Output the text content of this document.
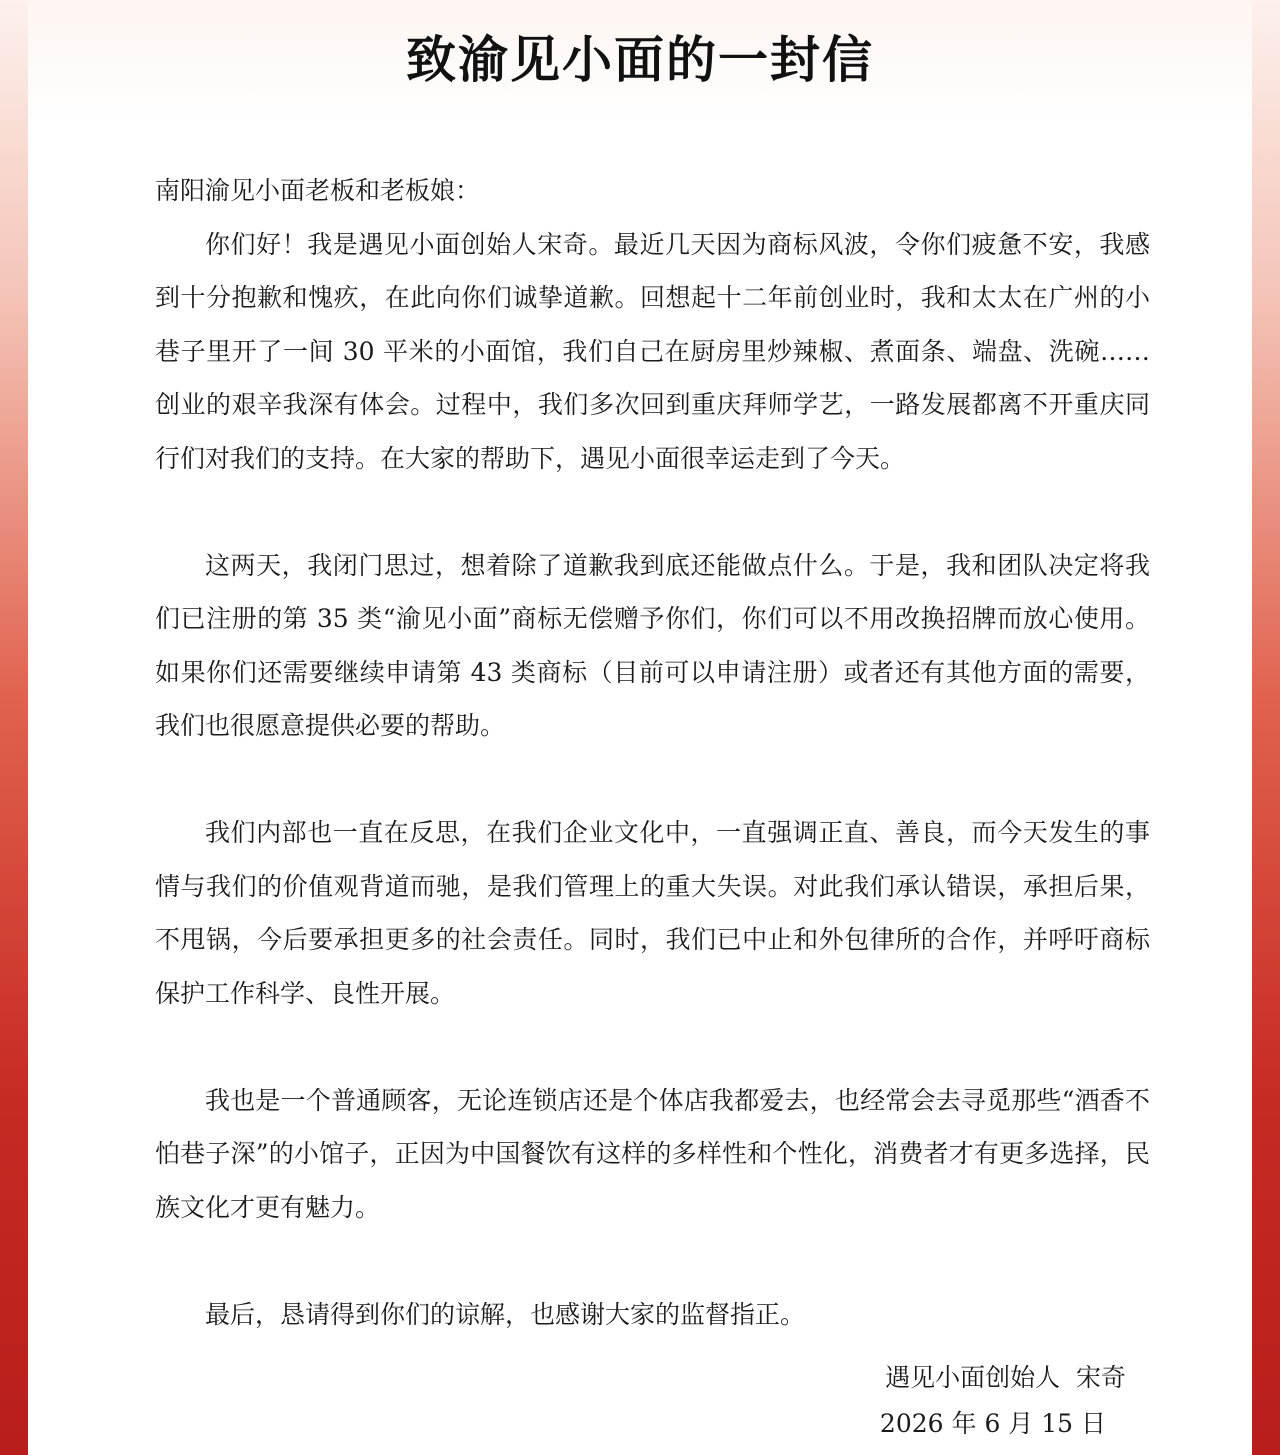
致渝见小面的一封信

南阳渝见小面老板和老板娘：

你们好！我是遇见小面创始人宋奇。最近几天因为商标风波，令你们疲惫不安，我感到十分抱歉和愧疚，在此向你们诚挚道歉。回想起十二年前创业时，我和太太在广州的小巷子里开了一间 30 平米的小面馆，我们自己在厨房里炒辣椒、煮面条、端盘、洗碗……创业的艰辛我深有体会。过程中，我们多次回到重庆拜师学艺，一路发展都离不开重庆同行们对我们的支持。在大家的帮助下，遇见小面很幸运走到了今天。

这两天，我闭门思过，想着除了道歉我到底还能做点什么。于是，我和团队决定将我们已注册的第 35 类“渝见小面”商标无偿赠予你们，你们可以不用改换招牌而放心使用。如果你们还需要继续申请第 43 类商标（目前可以申请注册）或者还有其他方面的需要，我们也很愿意提供必要的帮助。

我们内部也一直在反思，在我们企业文化中，一直强调正直、善良，而今天发生的事情与我们的价值观背道而驰，是我们管理上的重大失误。对此我们承认错误，承担后果，不甩锅，今后要承担更多的社会责任。同时，我们已中止和外包律所的合作，并呼吁商标保护工作科学、良性开展。

我也是一个普通顾客，无论连锁店还是个体店我都爱去，也经常会去寻觅那些“酒香不怕巷子深”的小馆子，正因为中国餐饮有这样的多样性和个性化，消费者才有更多选择，民族文化才更有魅力。

最后，恳请得到你们的谅解，也感谢大家的监督指正。

遇见小面创始人  宋奇
2026 年 6 月 15 日
